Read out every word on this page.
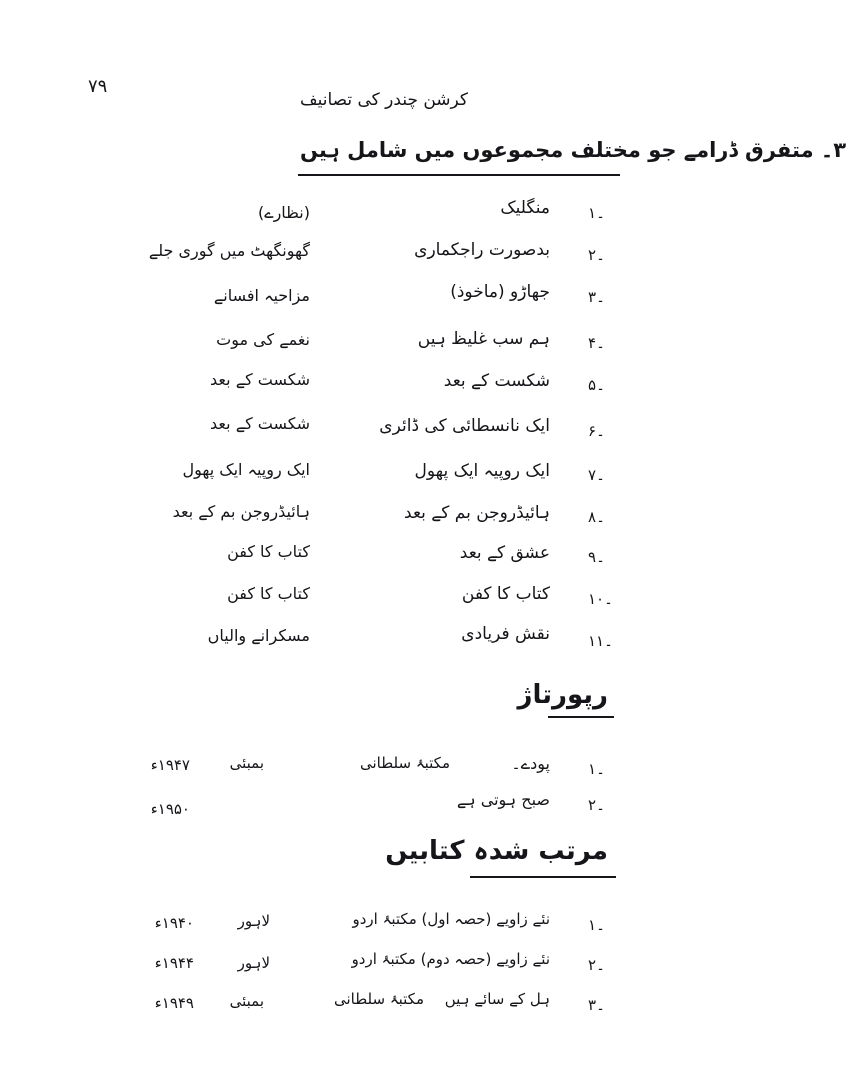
۷۹
کرشن چندر کی تصانیف
۳۔ متفرق ڈرامے جو مختلف مجموعوں میں شامل ہیں
۱۔
منگلیک
(نظارے)
۲۔
بدصورت راجکماری
گھونگھٹ میں گوری جلے
۳۔
جھاڑو (ماخوذ)
مزاحیہ افسانے
۴۔
ہم سب غلیظ ہیں
نغمے کی موت
۵۔
شکست کے بعد
شکست کے بعد
۶۔
ایک نانسطائی کی ڈائری
شکست کے بعد
۷۔
ایک روپیہ ایک پھول
ایک روپیہ ایک پھول
۸۔
ہائیڈروجن بم کے بعد
ہائیڈروجن بم کے بعد
۹۔
عشق کے بعد
کتاب کا کفن
۱۰۔
کتاب کا کفن
کتاب کا کفن
۱۱۔
نقش فریادی
مسکرانے والیاں
رپورتاژ
۱۔
پودے۔
مکتبۂ سلطانی
بمبئی
۱۹۴۷ء
۲۔
صبح ہوتی ہے
۱۹۵۰ء
مرتب شدہ کتابیں
۱۔
نئے زاویے (حصہ اول) مکتبۂ اردو
لاہور
۱۹۴۰ء
۲۔
نئے زاویے (حصہ دوم) مکتبۂ اردو
لاہور
۱۹۴۴ء
۳۔
ہل کے سائے ہیں
مکتبۂ سلطانی
بمبئی
۱۹۴۹ء
